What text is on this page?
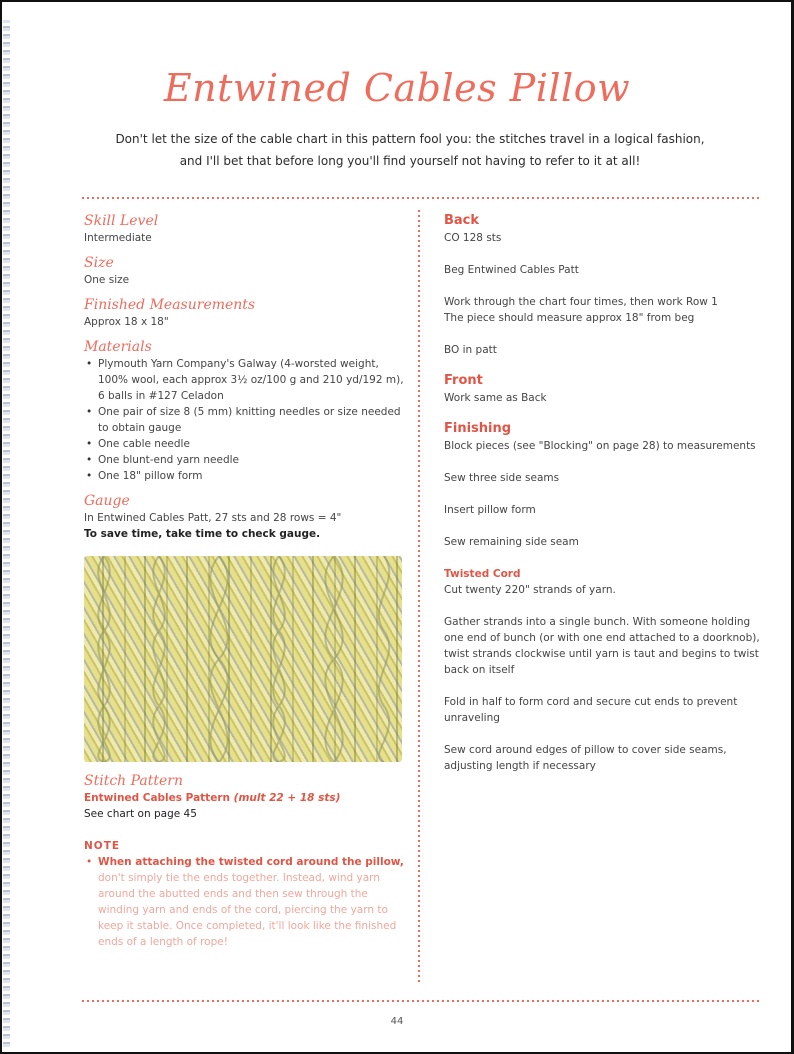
Entwined Cables Pillow
Don't let the size of the cable chart in this pattern fool you: the stitches travel in a logical fashion,
and I'll bet that before long you'll find yourself not having to refer to it at all!
Skill Level
Intermediate
Size
One size
Finished Measurements
Approx 18 x 18"
Materials
• Plymouth Yarn Company's Galway (4-worsted weight, 100% wool, each approx 3½ oz/100 g and 210 yd/192 m), 6 balls in #127 Celadon
• One pair of size 8 (5 mm) knitting needles or size needed to obtain gauge
• One cable needle
• One blunt-end yarn needle
• One 18" pillow form
Gauge
In Entwined Cables Patt, 27 sts and 28 rows = 4"
To save time, take time to check gauge.
Stitch Pattern
Entwined Cables Pattern (mult 22 + 18 sts)
See chart on page 45
NOTE
• When attaching the twisted cord around the pillow, don't simply tie the ends together. Instead, wind yarn around the abutted ends and then sew through the winding yarn and ends of the cord, piercing the yarn to keep it stable. Once completed, it'll look like the finished ends of a length of rope!
Back
CO 128 sts
Beg Entwined Cables Patt
Work through the chart four times, then work Row 1
The piece should measure approx 18" from beg
BO in patt
Front
Work same as Back
Finishing
Block pieces (see "Blocking" on page 28) to measurements
Sew three side seams
Insert pillow form
Sew remaining side seam
Twisted Cord
Cut twenty 220" strands of yarn.
Gather strands into a single bunch. With someone holding one end of bunch (or with one end attached to a doorknob), twist strands clockwise until yarn is taut and begins to twist back on itself
Fold in half to form cord and secure cut ends to prevent unraveling
Sew cord around edges of pillow to cover side seams, adjusting length if necessary
44
